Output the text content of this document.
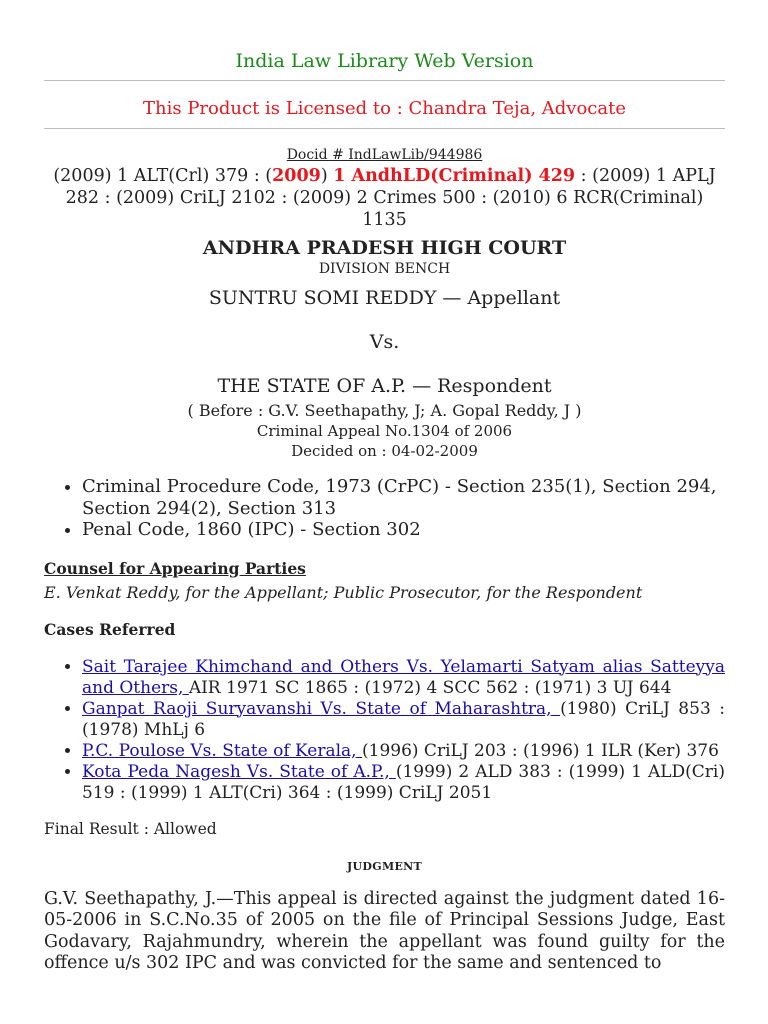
India Law Library Web Version
This Product is Licensed to : Chandra Teja, Advocate
Docid # IndLawLib/944986
(2009) 1 ALT(Crl) 379 : (2009) 1 AndhLD(Criminal) 429 : (2009) 1 APLJ 282 : (2009) CriLJ 2102 : (2009) 2 Crimes 500 : (2010) 6 RCR(Criminal) 1135
ANDHRA PRADESH HIGH COURT
DIVISION BENCH
SUNTRU SOMI REDDY — Appellant
Vs.
THE STATE OF A.P. — Respondent
( Before : G.V. Seethapathy, J; A. Gopal Reddy, J )
Criminal Appeal No.1304 of 2006
Decided on : 04-02-2009
• Criminal Procedure Code, 1973 (CrPC) - Section 235(1), Section 294, Section 294(2), Section 313
• Penal Code, 1860 (IPC) - Section 302
Counsel for Appearing Parties
E. Venkat Reddy, for the Appellant; Public Prosecutor, for the Respondent
Cases Referred
• Sait Tarajee Khimchand and Others Vs. Yelamarti Satyam alias Satteyya and Others, AIR 1971 SC 1865 : (1972) 4 SCC 562 : (1971) 3 UJ 644
• Ganpat Raoji Suryavanshi Vs. State of Maharashtra, (1980) CriLJ 853 : (1978) MhLj 6
• P.C. Poulose Vs. State of Kerala, (1996) CriLJ 203 : (1996) 1 ILR (Ker) 376
• Kota Peda Nagesh Vs. State of A.P., (1999) 2 ALD 383 : (1999) 1 ALD(Cri) 519 : (1999) 1 ALT(Cri) 364 : (1999) CriLJ 2051
Final Result : Allowed
JUDGMENT
G.V. Seethapathy, J.—This appeal is directed against the judgment dated 16-05-2006 in S.C.No.35 of 2005 on the file of Principal Sessions Judge, East Godavary, Rajahmundry, wherein the appellant was found guilty for the offence u/s 302 IPC and was convicted for the same and sentenced to
